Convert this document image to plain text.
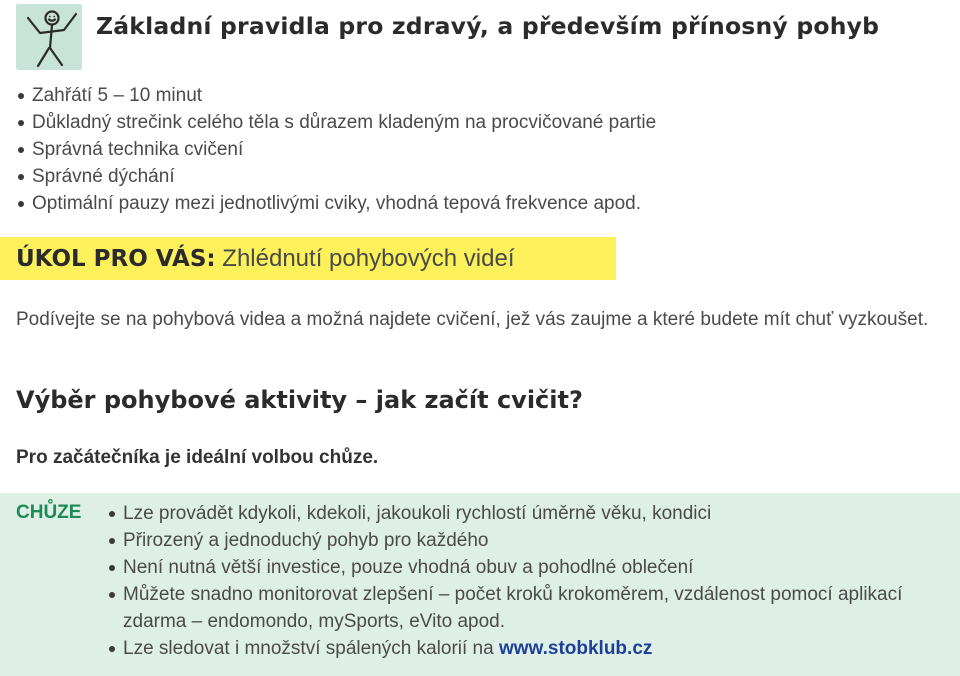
Základní pravidla pro zdravý, a především přínosný pohyb
Zahřátí 5 – 10 minut
Důkladný strečink celého těla s důrazem kladeným na procvičované partie
Správná technika cvičení
Správné dýchání
Optimální pauzy mezi jednotlivými cviky, vhodná tepová frekvence apod.
ÚKOL PRO VÁS: Zhlédnutí pohybových videí

Podívejte se na pohybová videa a možná najdete cvičení, jež vás zaujme a které budete mít chuť vyzkoušet.

Výběr pohybové aktivity – jak začít cvičit?

Pro začátečníka je ideální volbou chůze.

CHŮZE Lze provádět kdykoli, kdekoli, jakoukoli rychlostí úměrně věku, kondici
Přirozený a jednoduchý pohyb pro každého
Není nutná větší investice, pouze vhodná obuv a pohodlné oblečení
Můžete snadno monitorovat zlepšení – počet kroků krokoměrem, vzdálenost pomocí aplikací zdarma – endomondo, mySports, eVito apod.
Lze sledovat i množství spálených kalorií na www.stobklub.cz
